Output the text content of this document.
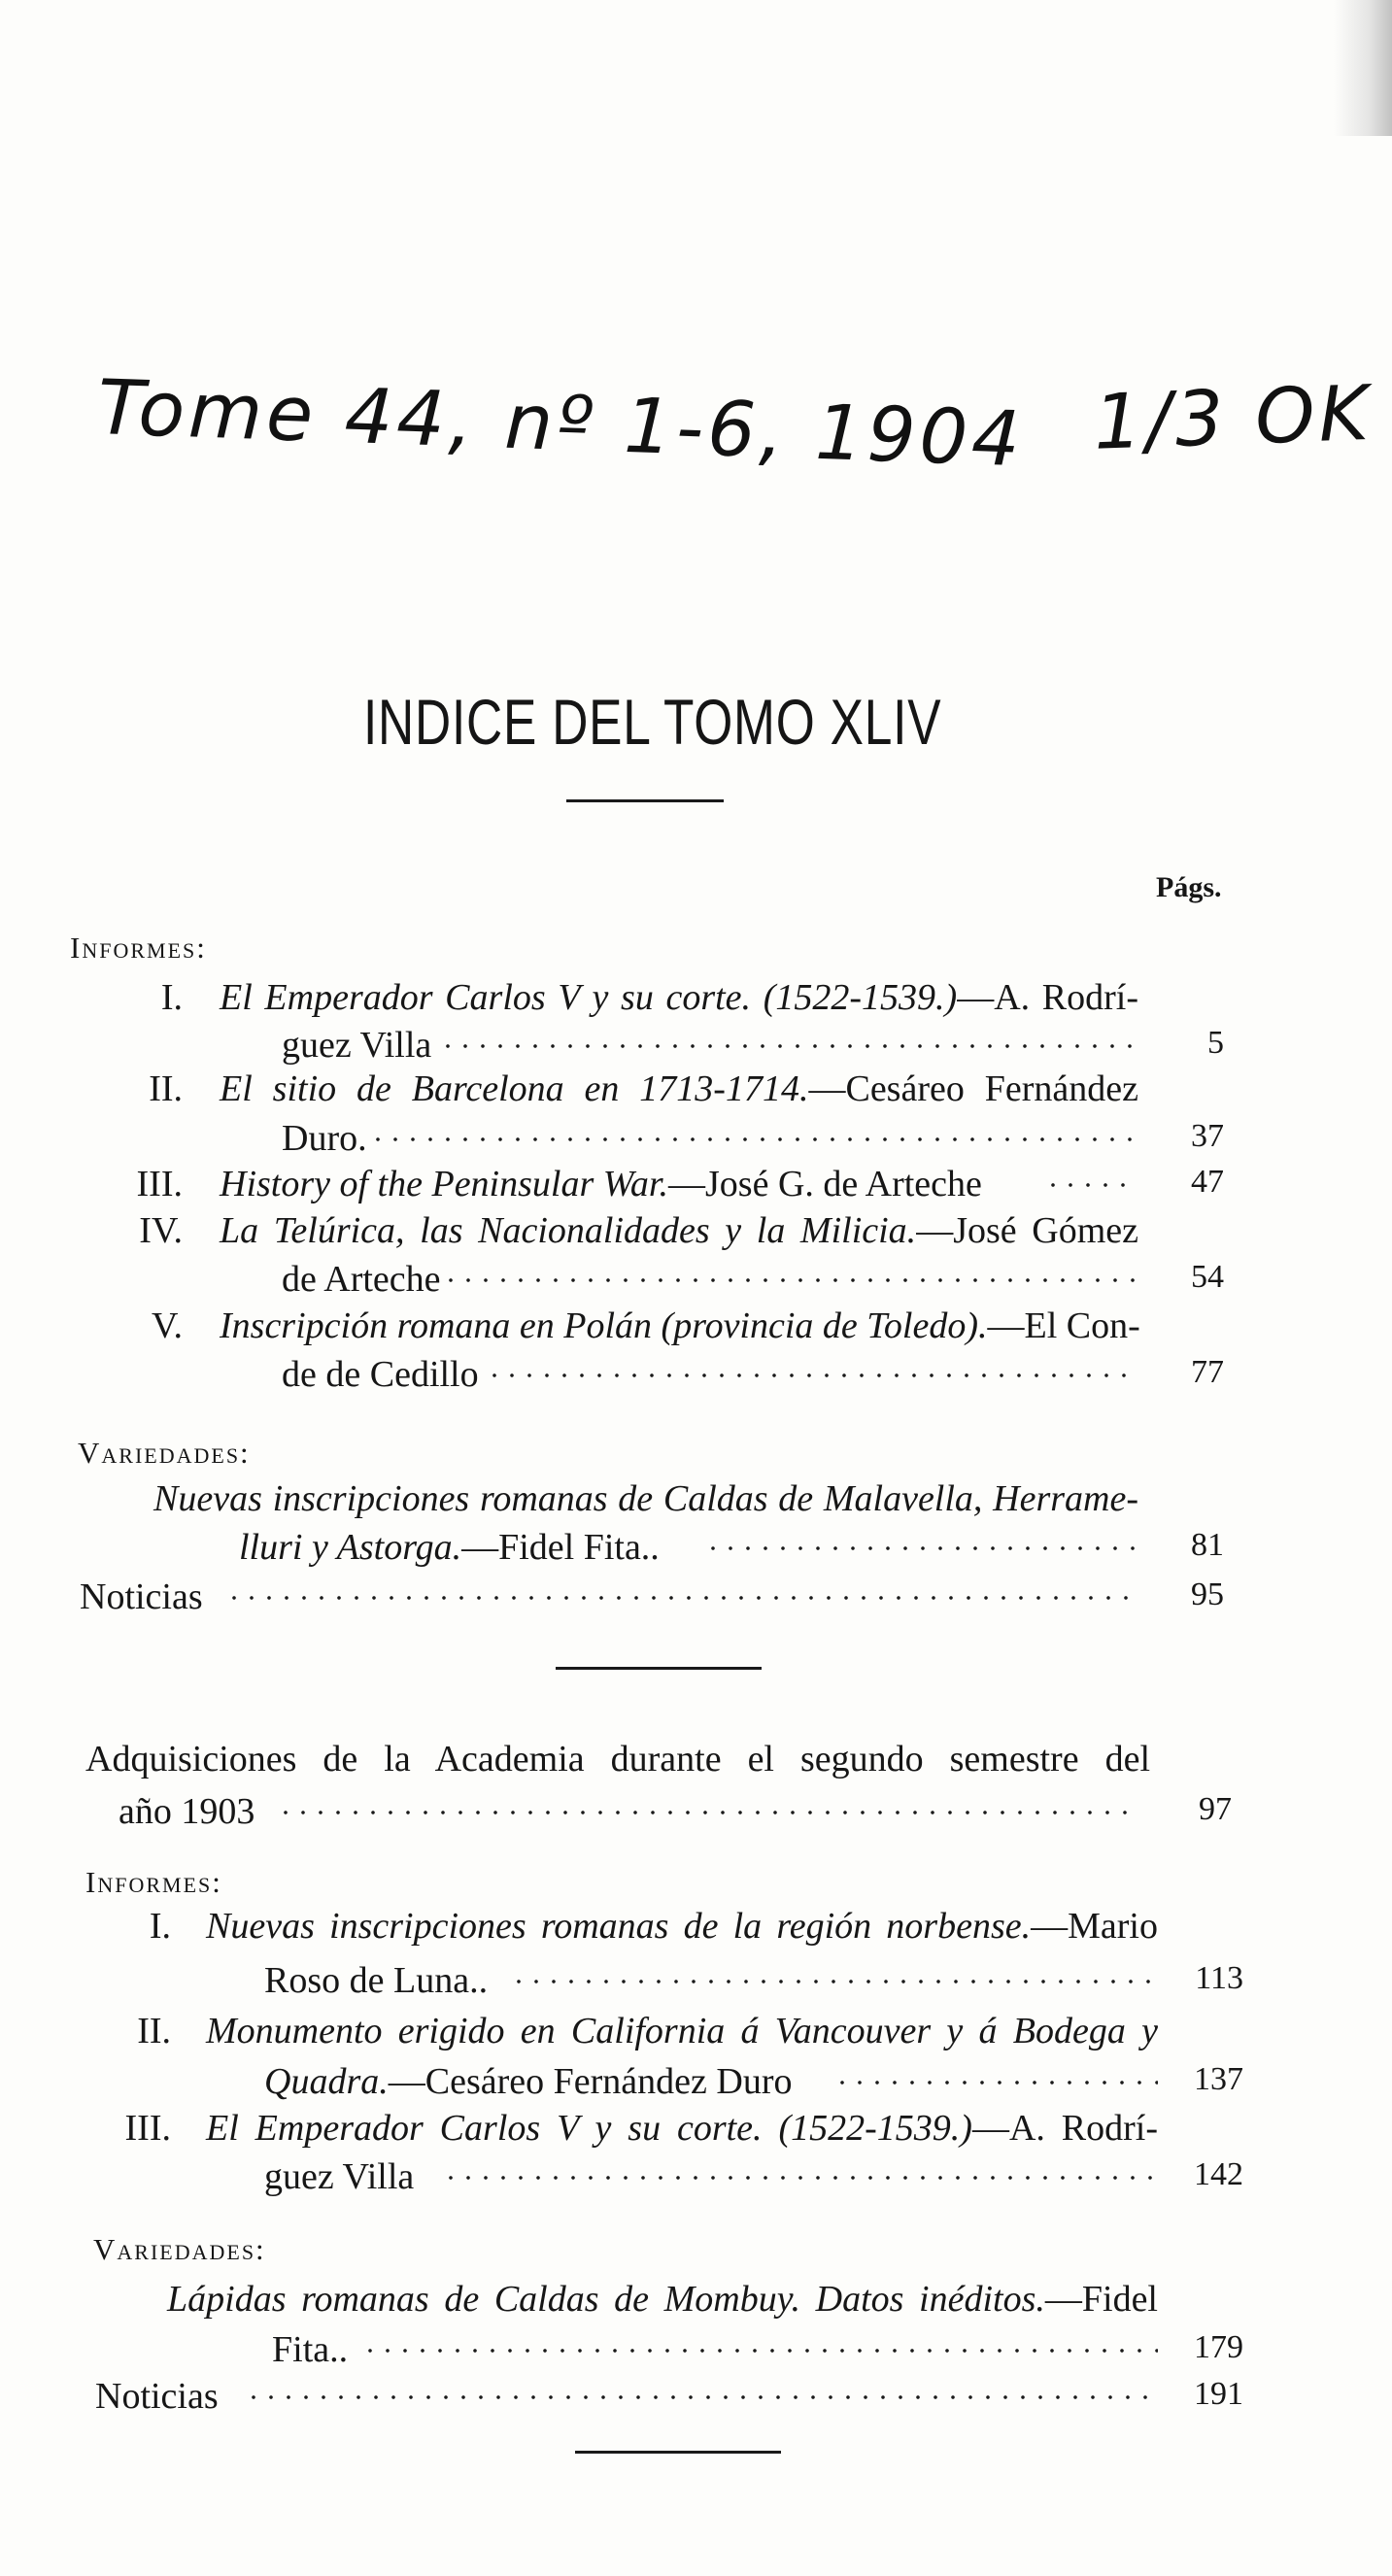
Tome 44, nº 1-6, 1904 1/3 OK
INDICE DEL TOMO XLIV
Págs.
Informes:
I. El Emperador Carlos V y su corte. (1522-1539.)—A. Rodrí-
guez Villa	5
II. El sitio de Barcelona en 1713-1714.—Cesáreo Fernández
Duro.	37
III. History of the Peninsular War.—José G. de Arteche	47
IV. La Telúrica, las Nacionalidades y la Milicia.—José Gómez
de Arteche	54
V. Inscripción romana en Polán (provincia de Toledo).—El Con-
de de Cedillo	77
Variedades:
Nuevas inscripciones romanas de Caldas de Malavella, Herrame-
lluri y Astorga.—Fidel Fita..	81
Noticias	95
Adquisiciones de la Academia durante el segundo semestre del
año 1903	97
Informes:
I. Nuevas inscripciones romanas de la región norbense.—Mario
Roso de Luna..	113
II. Monumento erigido en California á Vancouver y á Bodega y
Quadra.—Cesáreo Fernández Duro	137
III. El Emperador Carlos V y su corte. (1522-1539.)—A. Rodrí-
guez Villa	142
Variedades:
Lápidas romanas de Caldas de Mombuy. Datos inéditos.—Fidel
Fita..	179
Noticias	191
